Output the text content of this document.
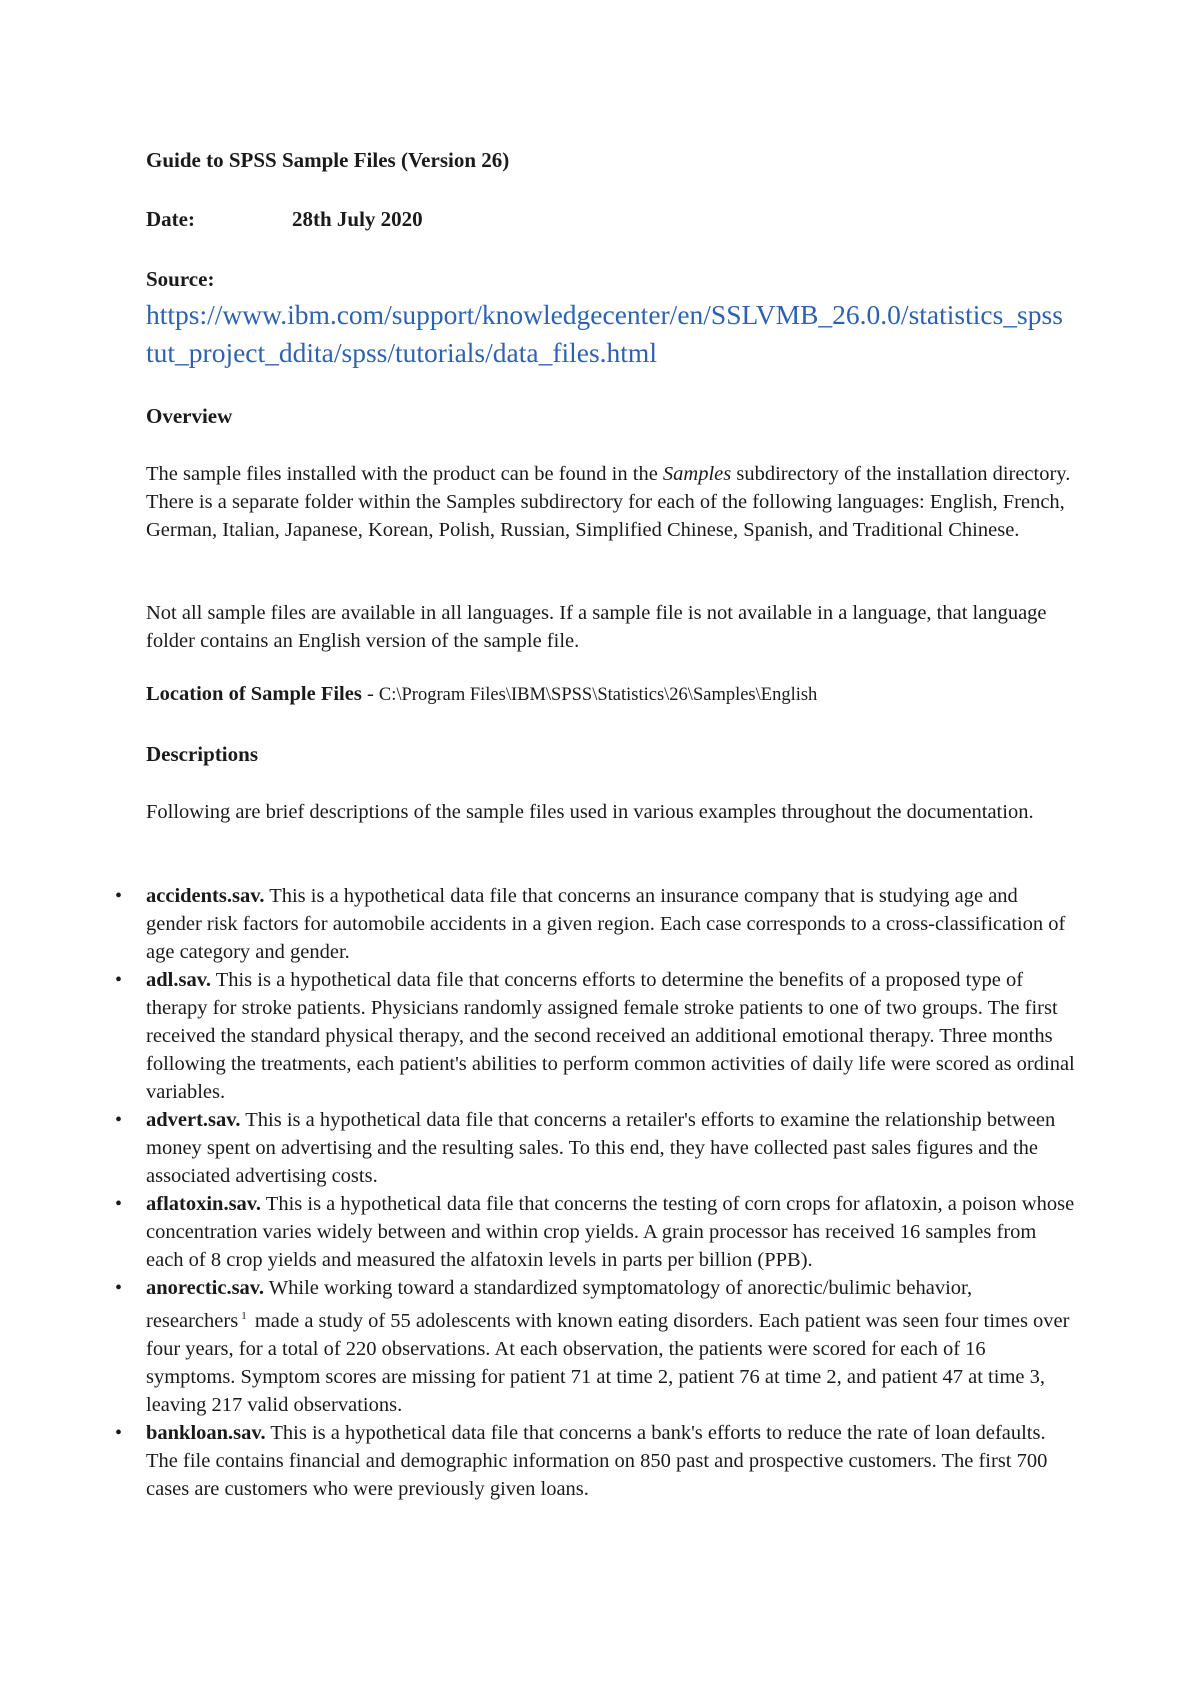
Guide to SPSS Sample Files (Version 26)

Date:	28th July 2020

Source:

https://www.ibm.com/support/knowledgecenter/en/SSLVMB_26.0.0/statistics_spsstut_project_ddita/spss/tutorials/data_files.html

Overview

The sample files installed with the product can be found in the Samples subdirectory of the installation directory. There is a separate folder within the Samples subdirectory for each of the following languages: English, French, German, Italian, Japanese, Korean, Polish, Russian, Simplified Chinese, Spanish, and Traditional Chinese.

Not all sample files are available in all languages. If a sample file is not available in a language, that language folder contains an English version of the sample file.

Location of Sample Files - C:\Program Files\IBM\SPSS\Statistics\26\Samples\English

Descriptions

Following are brief descriptions of the sample files used in various examples throughout the documentation.

• accidents.sav. This is a hypothetical data file that concerns an insurance company that is studying age and gender risk factors for automobile accidents in a given region. Each case corresponds to a cross-classification of age category and gender.
• adl.sav. This is a hypothetical data file that concerns efforts to determine the benefits of a proposed type of therapy for stroke patients. Physicians randomly assigned female stroke patients to one of two groups. The first received the standard physical therapy, and the second received an additional emotional therapy. Three months following the treatments, each patient's abilities to perform common activities of daily life were scored as ordinal variables.
• advert.sav. This is a hypothetical data file that concerns a retailer's efforts to examine the relationship between money spent on advertising and the resulting sales. To this end, they have collected past sales figures and the associated advertising costs.
• aflatoxin.sav. This is a hypothetical data file that concerns the testing of corn crops for aflatoxin, a poison whose concentration varies widely between and within crop yields. A grain processor has received 16 samples from each of 8 crop yields and measured the alfatoxin levels in parts per billion (PPB).
• anorectic.sav. While working toward a standardized symptomatology of anorectic/bulimic behavior, researchers $^1$ made a study of 55 adolescents with known eating disorders. Each patient was seen four times over four years, for a total of 220 observations. At each observation, the patients were scored for each of 16 symptoms. Symptom scores are missing for patient 71 at time 2, patient 76 at time 2, and patient 47 at time 3, leaving 217 valid observations.
• bankloan.sav. This is a hypothetical data file that concerns a bank's efforts to reduce the rate of loan defaults. The file contains financial and demographic information on 850 past and prospective customers. The first 700 cases are customers who were previously given loans.
